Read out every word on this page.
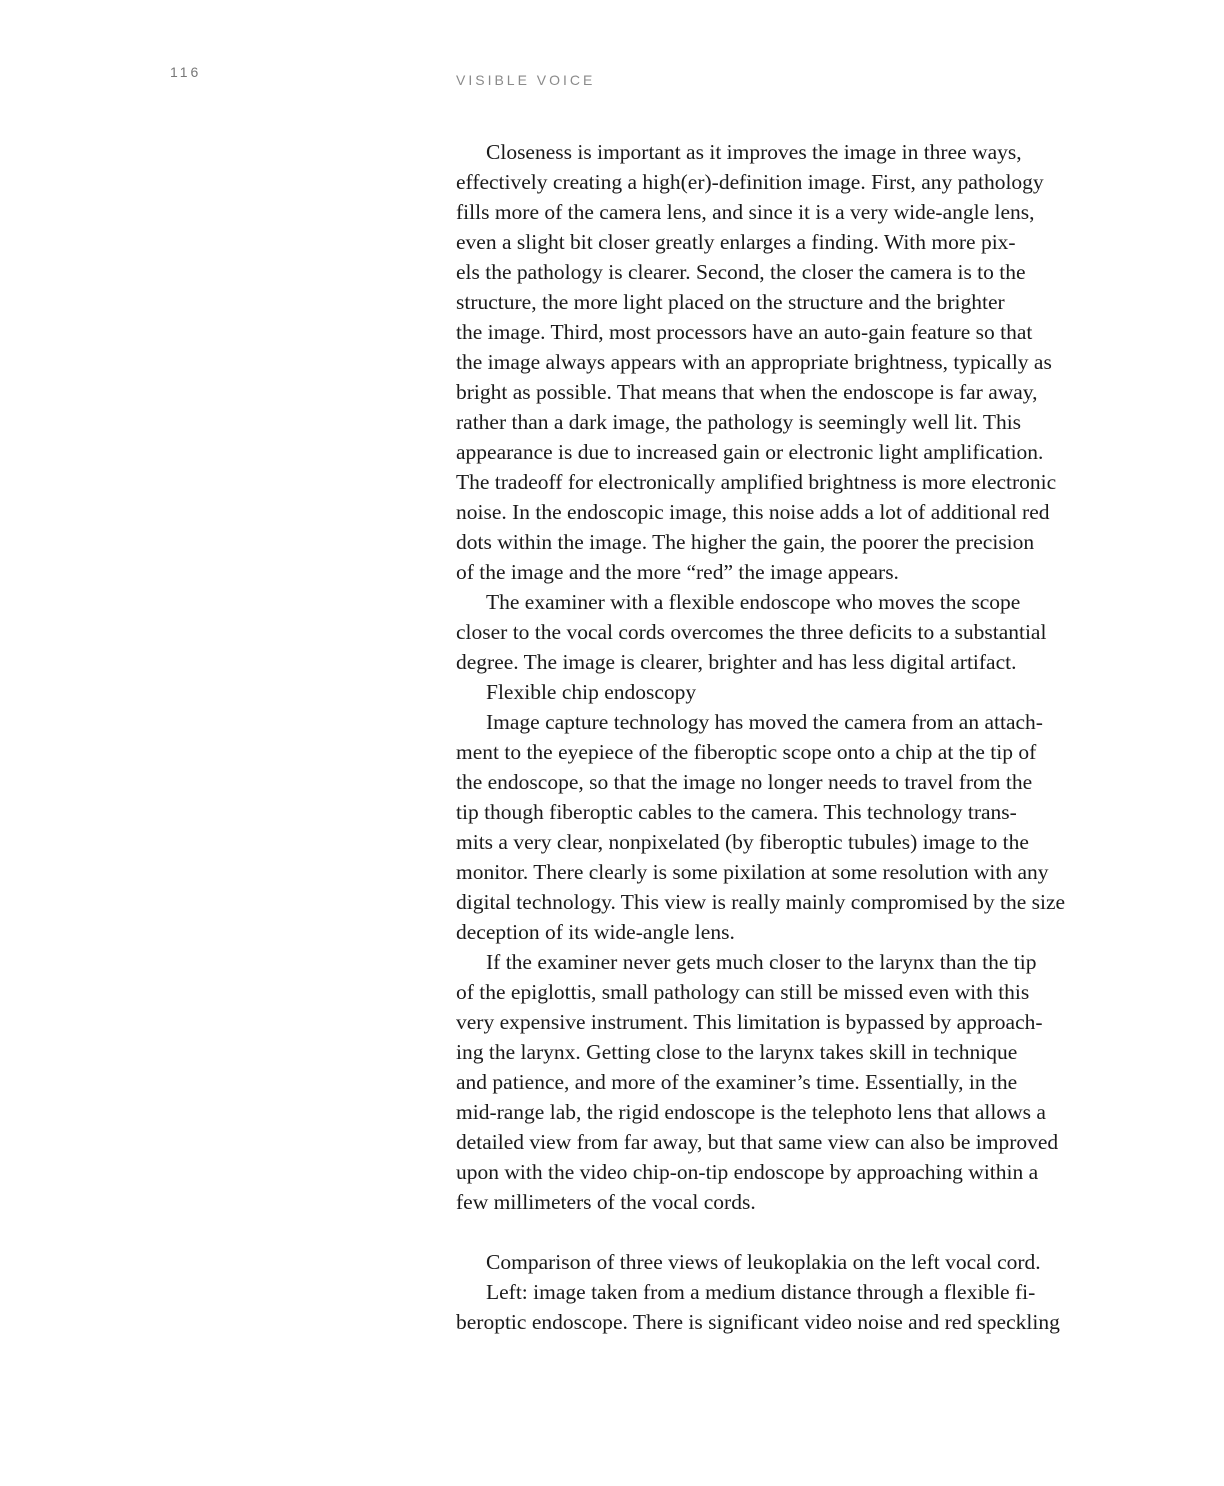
116	VISIBLE VOICE
Closeness is important as it improves the image in three ways,
effectively creating a high(er)-definition image. First, any pathology
fills more of the camera lens, and since it is a very wide-angle lens,
even a slight bit closer greatly enlarges a finding. With more pix-
els the pathology is clearer. Second, the closer the camera is to the
structure, the more light placed on the structure and the brighter
the image. Third, most processors have an auto-gain feature so that
the image always appears with an appropriate brightness, typically as
bright as possible. That means that when the endoscope is far away,
rather than a dark image, the pathology is seemingly well lit. This
appearance is due to increased gain or electronic light amplification.
The tradeoff for electronically amplified brightness is more electronic
noise. In the endoscopic image, this noise adds a lot of additional red
dots within the image. The higher the gain, the poorer the precision
of the image and the more “red” the image appears.
The examiner with a flexible endoscope who moves the scope
closer to the vocal cords overcomes the three deficits to a substantial
degree. The image is clearer, brighter and has less digital artifact.
Flexible chip endoscopy
Image capture technology has moved the camera from an attach-
ment to the eyepiece of the fiberoptic scope onto a chip at the tip of
the endoscope, so that the image no longer needs to travel from the
tip though fiberoptic cables to the camera. This technology trans-
mits a very clear, nonpixelated (by fiberoptic tubules) image to the
monitor. There clearly is some pixilation at some resolution with any
digital technology. This view is really mainly compromised by the size
deception of its wide-angle lens.
If the examiner never gets much closer to the larynx than the tip
of the epiglottis, small pathology can still be missed even with this
very expensive instrument. This limitation is bypassed by approach-
ing the larynx. Getting close to the larynx takes skill in technique
and patience, and more of the examiner’s time. Essentially, in the
mid-range lab, the rigid endoscope is the telephoto lens that allows a
detailed view from far away, but that same view can also be improved
upon with the video chip-on-tip endoscope by approaching within a
few millimeters of the vocal cords.
Comparison of three views of leukoplakia on the left vocal cord.
Left: image taken from a medium distance through a flexible fi-
beroptic endoscope. There is significant video noise and red speckling
